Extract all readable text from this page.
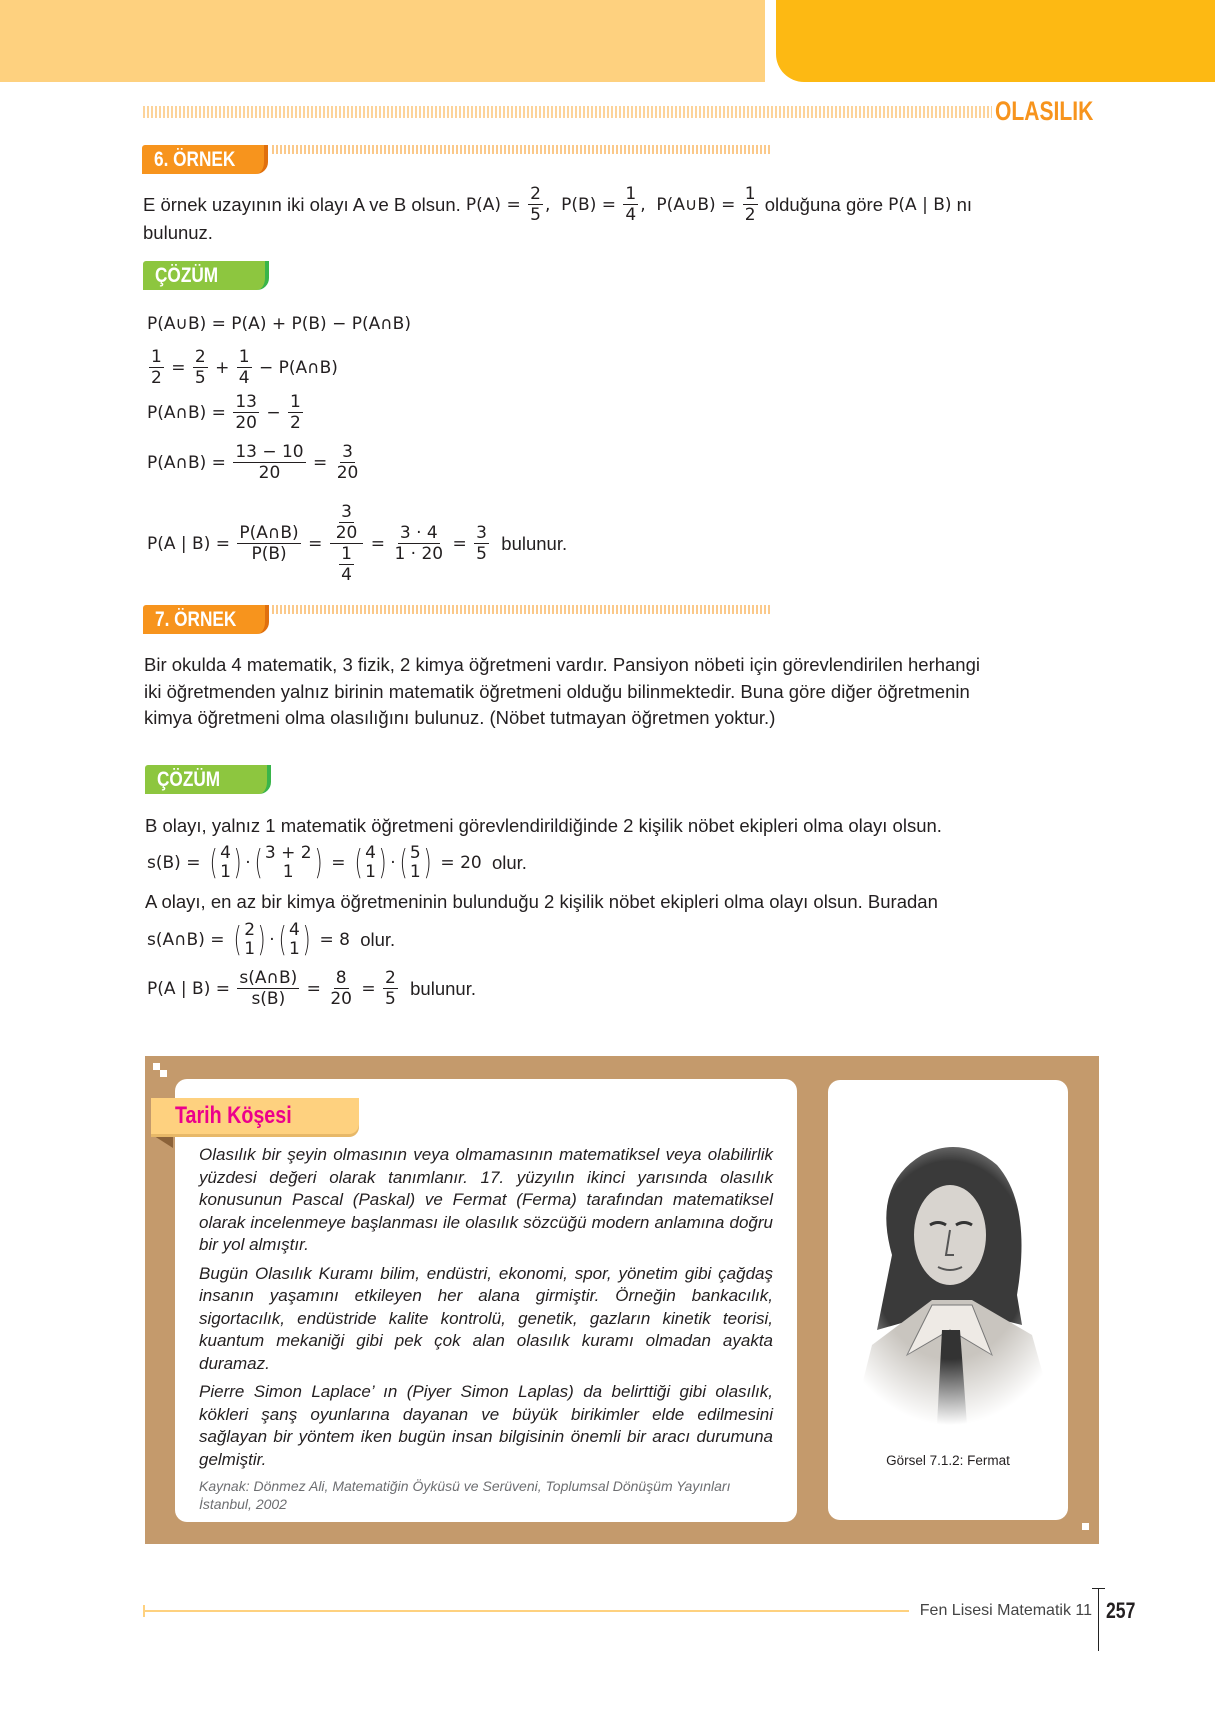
OLASILIK
6. ÖRNEK
E örnek uzayının iki olayı A ve B olsun. $P(A) = \frac{2}{5}$ ,  $P(B) = \frac{1}{4}$ ,  P(A∪B) = $\frac{1}{2}$ olduğuna göre P(A | B) nı
bulunuz.
ÇÖZÜM
P(A∪B) = P(A) + P(B) − P(A∩B)
$\frac{1}{2} = \frac{2}{5} + \frac{1}{4}$ − P(A∩B)
P(A∩B) = $\frac{13}{20} - \frac{1}{2}$
P(A∩B) = $\frac{13 - 10}{20} = \frac{3}{20}$
P(A | $B) = \frac{P(A\cap B)}{P(B)} = \frac{\frac{3}{20}}{\frac{1}{4}} = \frac{3 \cdot 4}{1 \cdot 20} = \frac{3}{5}$ bulunur.
7. ÖRNEK
Bir okulda 4 matematik, 3 fizik, 2 kimya öğretmeni vardır. Pansiyon nöbeti için görevlendirilen herhangi
iki öğretmenden yalnız birinin matematik öğretmeni olduğu bilinmektedir. Buna göre diğer öğretmenin
kimya öğretmeni olma olasılığını bulunuz. (Nöbet tutmayan öğretmen yoktur.)
ÇÖZÜM
B olayı, yalnız 1 matematik öğretmeni görevlendirildiğinde 2 kişilik nöbet ekipleri olma olayı olsun.
s(B) = ( 4
1 ) · ( 3 + 2
1 ) = ( 4
1 ) · ( 5
1 ) = 20 olur.
A olayı, en az bir kimya öğretmeninin bulunduğu 2 kişilik nöbet ekipleri olma olayı olsun. Buradan
s(A∩B) = ( 2
1 ) · ( 4
1 ) = 8 olur.
P(A | $B) = \frac{s(A\cap B)}{s(B)} = \frac{8}{20} = \frac{2}{5}$ bulunur.
Tarih Köşesi

Olasılık bir şeyin olmasının veya olmamasının matematiksel veya olabilirlik yüzdesi değeri olarak tanımlanır. 17. yüzyılın ikinci yarısında olasılık konusunun Pascal (Paskal) ve Fermat (Ferma) tarafından matematiksel olarak incelenmeye başlanması ile olasılık sözcüğü modern anlamına doğru bir yol almıştır.

Bugün Olasılık Kuramı bilim, endüstri, ekonomi, spor, yönetim gibi çağdaş insanın yaşamını etkileyen her alana girmiştir. Örneğin bankacılık, sigortacılık, endüstride kalite kontrolü, genetik, gazların kinetik teorisi, kuantum mekaniği gibi pek çok alan olasılık kuramı olmadan ayakta duramaz.

Pierre Simon Laplace’ ın (Piyer Simon Laplas) da belirttiği gibi olasılık, kökleri şanş oyunlarına dayanan ve büyük birikimler elde edilmesini sağlayan bir yöntem iken bugün insan bilgisinin önemli bir aracı durumuna gelmiştir.

Kaynak: Dönmez Ali, Matematiğin Öyküsü ve Serüveni, Toplumsal Dönüşüm Yayınları
İstanbul, 2002

Görsel 7.1.2: Fermat
Fen Lisesi Matematik 11 257
